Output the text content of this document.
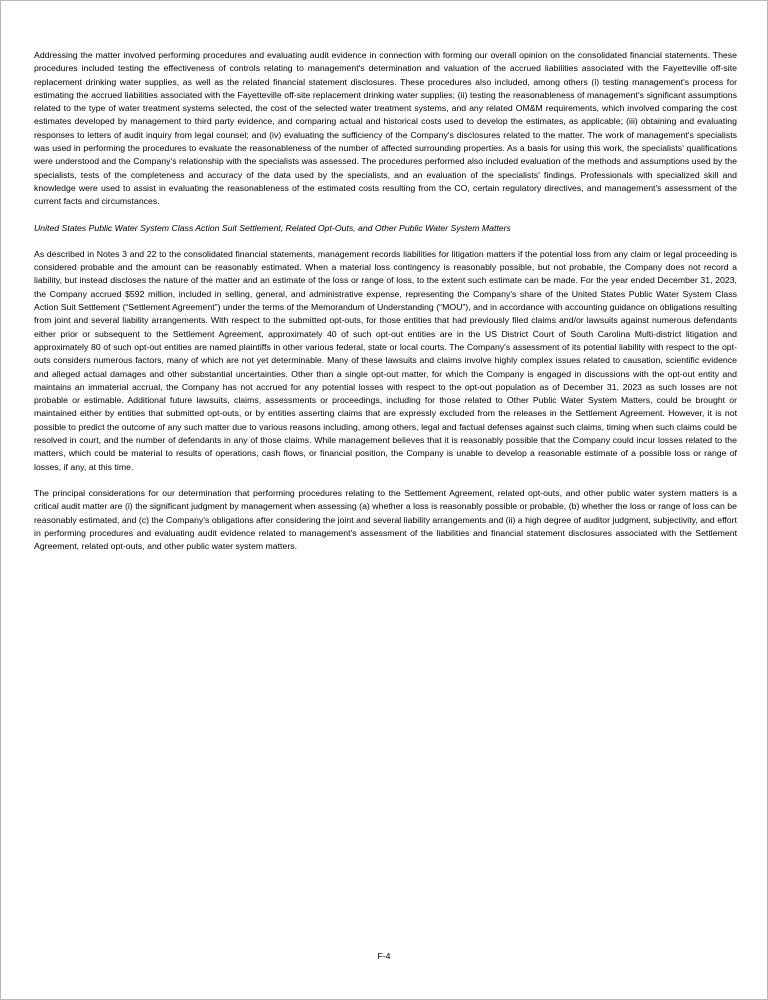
Addressing the matter involved performing procedures and evaluating audit evidence in connection with forming our overall opinion on the consolidated financial statements. These procedures included testing the effectiveness of controls relating to management's determination and valuation of the accrued liabilities associated with the Fayetteville off-site replacement drinking water supplies, as well as the related financial statement disclosures. These procedures also included, among others (i) testing management's process for estimating the accrued liabilities associated with the Fayetteville off-site replacement drinking water supplies; (ii) testing the reasonableness of management's significant assumptions related to the type of water treatment systems selected, the cost of the selected water treatment systems, and any related OM&M requirements, which involved comparing the cost estimates developed by management to third party evidence, and comparing actual and historical costs used to develop the estimates, as applicable; (iii) obtaining and evaluating responses to letters of audit inquiry from legal counsel; and (iv) evaluating the sufficiency of the Company's disclosures related to the matter. The work of management's specialists was used in performing the procedures to evaluate the reasonableness of the number of affected surrounding properties. As a basis for using this work, the specialists' qualifications were understood and the Company's relationship with the specialists was assessed. The procedures performed also included evaluation of the methods and assumptions used by the specialists, tests of the completeness and accuracy of the data used by the specialists, and an evaluation of the specialists' findings. Professionals with specialized skill and knowledge were used to assist in evaluating the reasonableness of the estimated costs resulting from the CO, certain regulatory directives, and management's assessment of the current facts and circumstances.

United States Public Water System Class Action Suit Settlement, Related Opt-Outs, and Other Public Water System Matters

As described in Notes 3 and 22 to the consolidated financial statements, management records liabilities for litigation matters if the potential loss from any claim or legal proceeding is considered probable and the amount can be reasonably estimated. When a material loss contingency is reasonably possible, but not probable, the Company does not record a liability, but instead discloses the nature of the matter and an estimate of the loss or range of loss, to the extent such estimate can be made. For the year ended December 31, 2023, the Company accrued $592 million, included in selling, general, and administrative expense, representing the Company's share of the United States Public Water System Class Action Suit Settlement (“Settlement Agreement”) under the terms of the Memorandum of Understanding (“MOU”), and in accordance with accounting guidance on obligations resulting from joint and several liability arrangements. With respect to the submitted opt-outs, for those entities that had previously filed claims and/or lawsuits against numerous defendants either prior or subsequent to the Settlement Agreement, approximately 40 of such opt-out entities are in the US District Court of South Carolina Multi-district litigation and approximately 80 of such opt-out entities are named plaintiffs in other various federal, state or local courts. The Company's assessment of its potential liability with respect to the opt-outs considers numerous factors, many of which are not yet determinable. Many of these lawsuits and claims involve highly complex issues related to causation, scientific evidence and alleged actual damages and other substantial uncertainties. Other than a single opt-out matter, for which the Company is engaged in discussions with the opt-out entity and maintains an immaterial accrual, the Company has not accrued for any potential losses with respect to the opt-out population as of December 31, 2023 as such losses are not probable or estimable. Additional future lawsuits, claims, assessments or proceedings, including for those related to Other Public Water System Matters, could be brought or maintained either by entities that submitted opt-outs, or by entities asserting claims that are expressly excluded from the releases in the Settlement Agreement. However, it is not possible to predict the outcome of any such matter due to various reasons including, among others, legal and factual defenses against such claims, timing when such claims could be resolved in court, and the number of defendants in any of those claims. While management believes that it is reasonably possible that the Company could incur losses related to the matters, which could be material to results of operations, cash flows, or financial position, the Company is unable to develop a reasonable estimate of a possible loss or range of losses, if any, at this time.

The principal considerations for our determination that performing procedures relating to the Settlement Agreement, related opt-outs, and other public water system matters is a critical audit matter are (i) the significant judgment by management when assessing (a) whether a loss is reasonably possible or probable, (b) whether the loss or range of loss can be reasonably estimated, and (c) the Company's obligations after considering the joint and several liability arrangements and (ii) a high degree of auditor judgment, subjectivity, and effort in performing procedures and evaluating audit evidence related to management's assessment of the liabilities and financial statement disclosures associated with the Settlement Agreement, related opt-outs, and other public water system matters.

F-4
